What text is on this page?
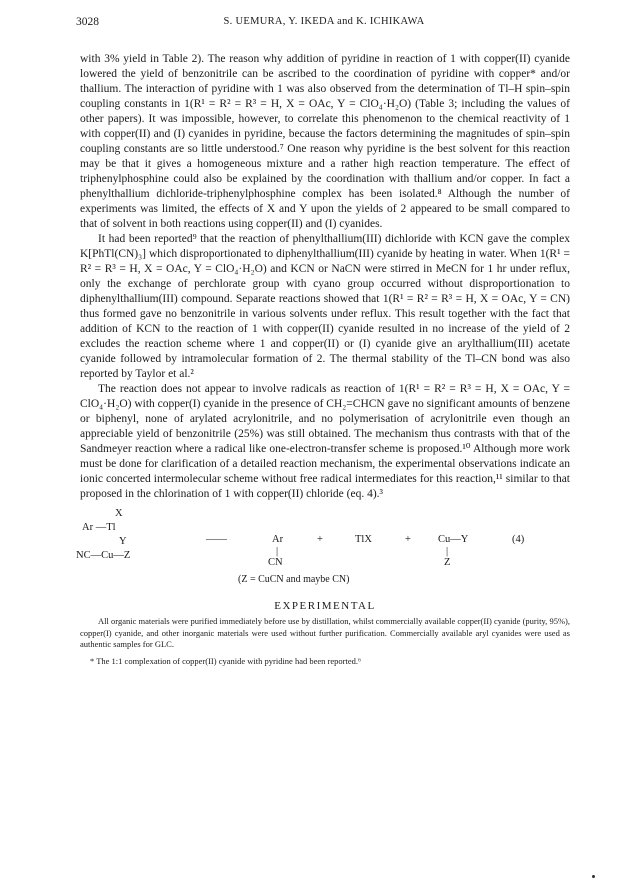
3028	S. UEMURA, Y. IKEDA and K. ICHIKAWA

with 3% yield in Table 2). The reason why addition of pyridine in reaction of 1 with copper(II) cyanide lowered the yield of benzonitrile can be ascribed to the coordination of pyridine with copper* and/or thallium. The interaction of pyridine with 1 was also observed from the determination of Tl–H spin–spin coupling constants in 1(R¹ = R² = R³ = H, X = OAc, Y = ClO₄·H₂O) (Table 3; including the values of other papers). It was impossible, however, to correlate this phenomenon to the chemical reactivity of 1 with copper(II) and (I) cyanides in pyridine, because the factors determining the magnitudes of spin–spin coupling constants are so little understood.⁷ One reason why pyridine is the best solvent for this reaction may be that it gives a homogeneous mixture and a rather high reaction temperature. The effect of triphenylphosphine could also be explained by the coordination with thallium and/or copper. In fact a phenylthallium dichloride-triphenylphosphine complex has been isolated.⁸ Although the number of experiments was limited, the effects of X and Y upon the yields of 2 appeared to be small compared to that of solvent in both reactions using copper(II) and (I) cyanides.

It had been reported⁹ that the reaction of phenylthallium(III) dichloride with KCN gave the complex K[PhTl(CN)₃] which disproportionated to diphenylthallium(III) cyanide by heating in water. When 1(R¹ = R² = R³ = H, X = OAc, Y = ClO₄·H₂O) and KCN or NaCN were stirred in MeCN for 1 hr under reflux, only the exchange of perchlorate group with cyano group occurred without disproportionation to diphenylthallium(III) compound. Separate reactions showed that 1(R¹ = R² = R³ = H, X = OAc, Y = CN) thus formed gave no benzonitrile in various solvents under reflux. This result together with the fact that addition of KCN to the reaction of 1 with copper(II) cyanide resulted in no increase of the yield of 2 excludes the reaction scheme where 1 and copper(II) or (I) cyanide give an arylthallium(III) acetate cyanide followed by intramolecular formation of 2. The thermal stability of the Tl–CN bond was also reported by Taylor et al.²

The reaction does not appear to involve radicals as reaction of 1(R¹ = R² = R³ = H, X = OAc, Y = ClO₄·H₂O) with copper(I) cyanide in the presence of CH₂=CHCN gave no significant amounts of benzene or biphenyl, none of arylated acrylonitrile, and no polymerisation of acrylonitrile even though an appreciable yield of benzonitrile (25%) was still obtained. The mechanism thus contrasts with that of the Sandmeyer reaction where a radical like one-electron-transfer scheme is proposed.¹⁰ Although more work must be done for clarification of a detailed reaction mechanism, the experimental observations indicate an ionic concerted intermolecular scheme without free radical intermediates for this reaction,¹¹ similar to that proposed in the chlorination of 1 with copper(II) chloride (eq. 4).³

X
Ar —Tl
Y
NC—Cu—Z
——	Ar
|
CN
+	TlX	+	Cu—Y
|
Z
(4)
(Z = CuCN and maybe CN)
EXPERIMENTAL

All organic materials were purified immediately before use by distillation, whilst commercially available copper(II) cyanide (purity, 95%), copper(I) cyanide, and other inorganic materials were used without further purification. Commercially available aryl cyanides were used as authentic samples for GLC.

* The 1:1 complexation of copper(II) cyanide with pyridine had been reported.⁶
